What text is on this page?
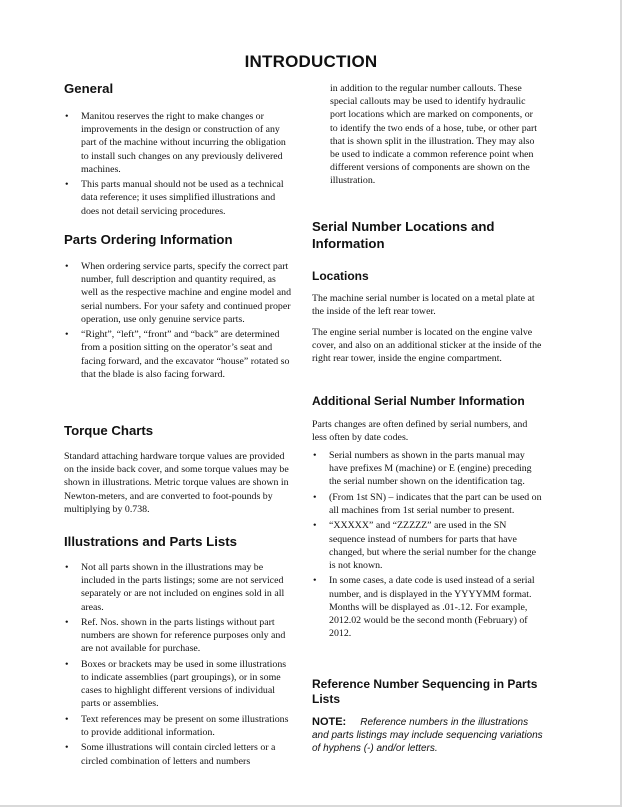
INTRODUCTION
General
• Manitou reserves the right to make changes or improvements in the design or construction of any part of the machine without incurring the obligation to install such changes on any previously delivered machines.
• This parts manual should not be used as a technical data reference; it uses simplified illustrations and does not detail servicing procedures.
Parts Ordering Information
• When ordering service parts, specify the correct part number, full description and quantity required, as well as the respective machine and engine model and serial numbers. For your safety and continued proper operation, use only genuine service parts.
• “Right”, “left”, “front” and “back” are determined from a position sitting on the operator’s seat and facing forward, and the excavator “house” rotated so that the blade is also facing forward.
Torque Charts

Standard attaching hardware torque values are provided on the inside back cover, and some torque values may be shown in illustrations. Metric torque values are shown in Newton-meters, and are converted to foot-pounds by multiplying by 0.738.

Illustrations and Parts Lists
• Not all parts shown in the illustrations may be included in the parts listings; some are not serviced separately or are not included on engines sold in all areas.
• Ref. Nos. shown in the parts listings without part numbers are shown for reference purposes only and are not available for purchase.
• Boxes or brackets may be used in some illustrations to indicate assemblies (part groupings), or in some cases to highlight different versions of individual parts or assemblies.
• Text references may be present on some illustrations to provide additional information.
• Some illustrations will contain circled letters or a circled combination of letters and numbers

in addition to the regular number callouts. These special callouts may be used to identify hydraulic port locations which are marked on components, or to identify the two ends of a hose, tube, or other part that is shown split in the illustration. They may also be used to indicate a common reference point when different versions of components are shown on the illustration.

Serial Number Locations and Information
Locations

The machine serial number is located on a metal plate at the inside of the left rear tower.

The engine serial number is located on the engine valve cover, and also on an additional sticker at the inside of the right rear tower, inside the engine compartment.

Additional Serial Number Information

Parts changes are often defined by serial numbers, and less often by date codes.

• Serial numbers as shown in the parts manual may have prefixes M (machine) or E (engine) preceding the serial number shown on the identification tag.
• (From 1st SN) – indicates that the part can be used on all machines from 1st serial number to present.
• “XXXXX” and “ZZZZZ” are used in the SN sequence instead of numbers for parts that have changed, but where the serial number for the change is not known.
• In some cases, a date code is used instead of a serial number, and is displayed in the YYYYMM format. Months will be displayed as .01-.12. For example, 2012.02 would be the second month (February) of 2012.
Reference Number Sequencing in Parts Lists

NOTE: Reference numbers in the illustrations and parts listings may include sequencing variations of hyphens (-) and/or letters.
